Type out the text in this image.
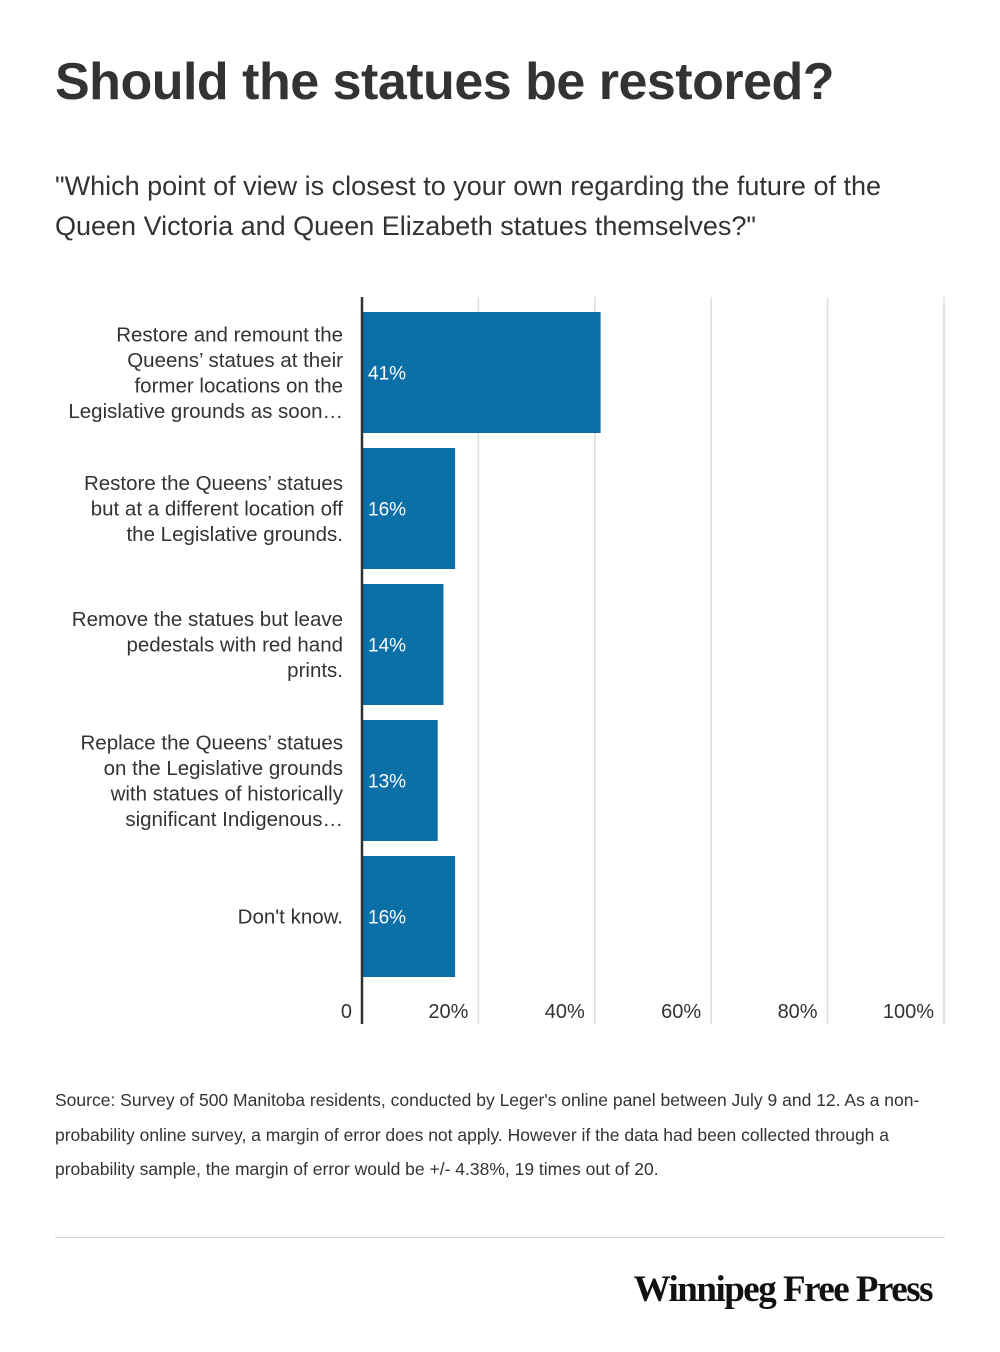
Should the statues be restored?

"Which point of view is closest to your own regarding the future of the Queen Victoria and Queen Elizabeth statues themselves?"

41%
Restore and remount the
Queens’ statues at their
former locations on the
Legislative grounds as soon…
16%
Restore the Queens’ statues
but at a different location off
the Legislative grounds.
14%
Remove the statues but leave
pedestals with red hand
prints.
13%
Replace the Queens’ statues
on the Legislative grounds
with statues of historically
significant Indigenous…
16%
Don't know.
0	20%	40%	60%	80%	100%

Source: Survey of 500 Manitoba residents, conducted by Leger's online panel between July 9 and 12. As a non-probability online survey, a margin of error does not apply. However if the data had been collected through a probability sample, the margin of error would be +/- 4.38%, 19 times out of 20.

Winnipeg Free Press
